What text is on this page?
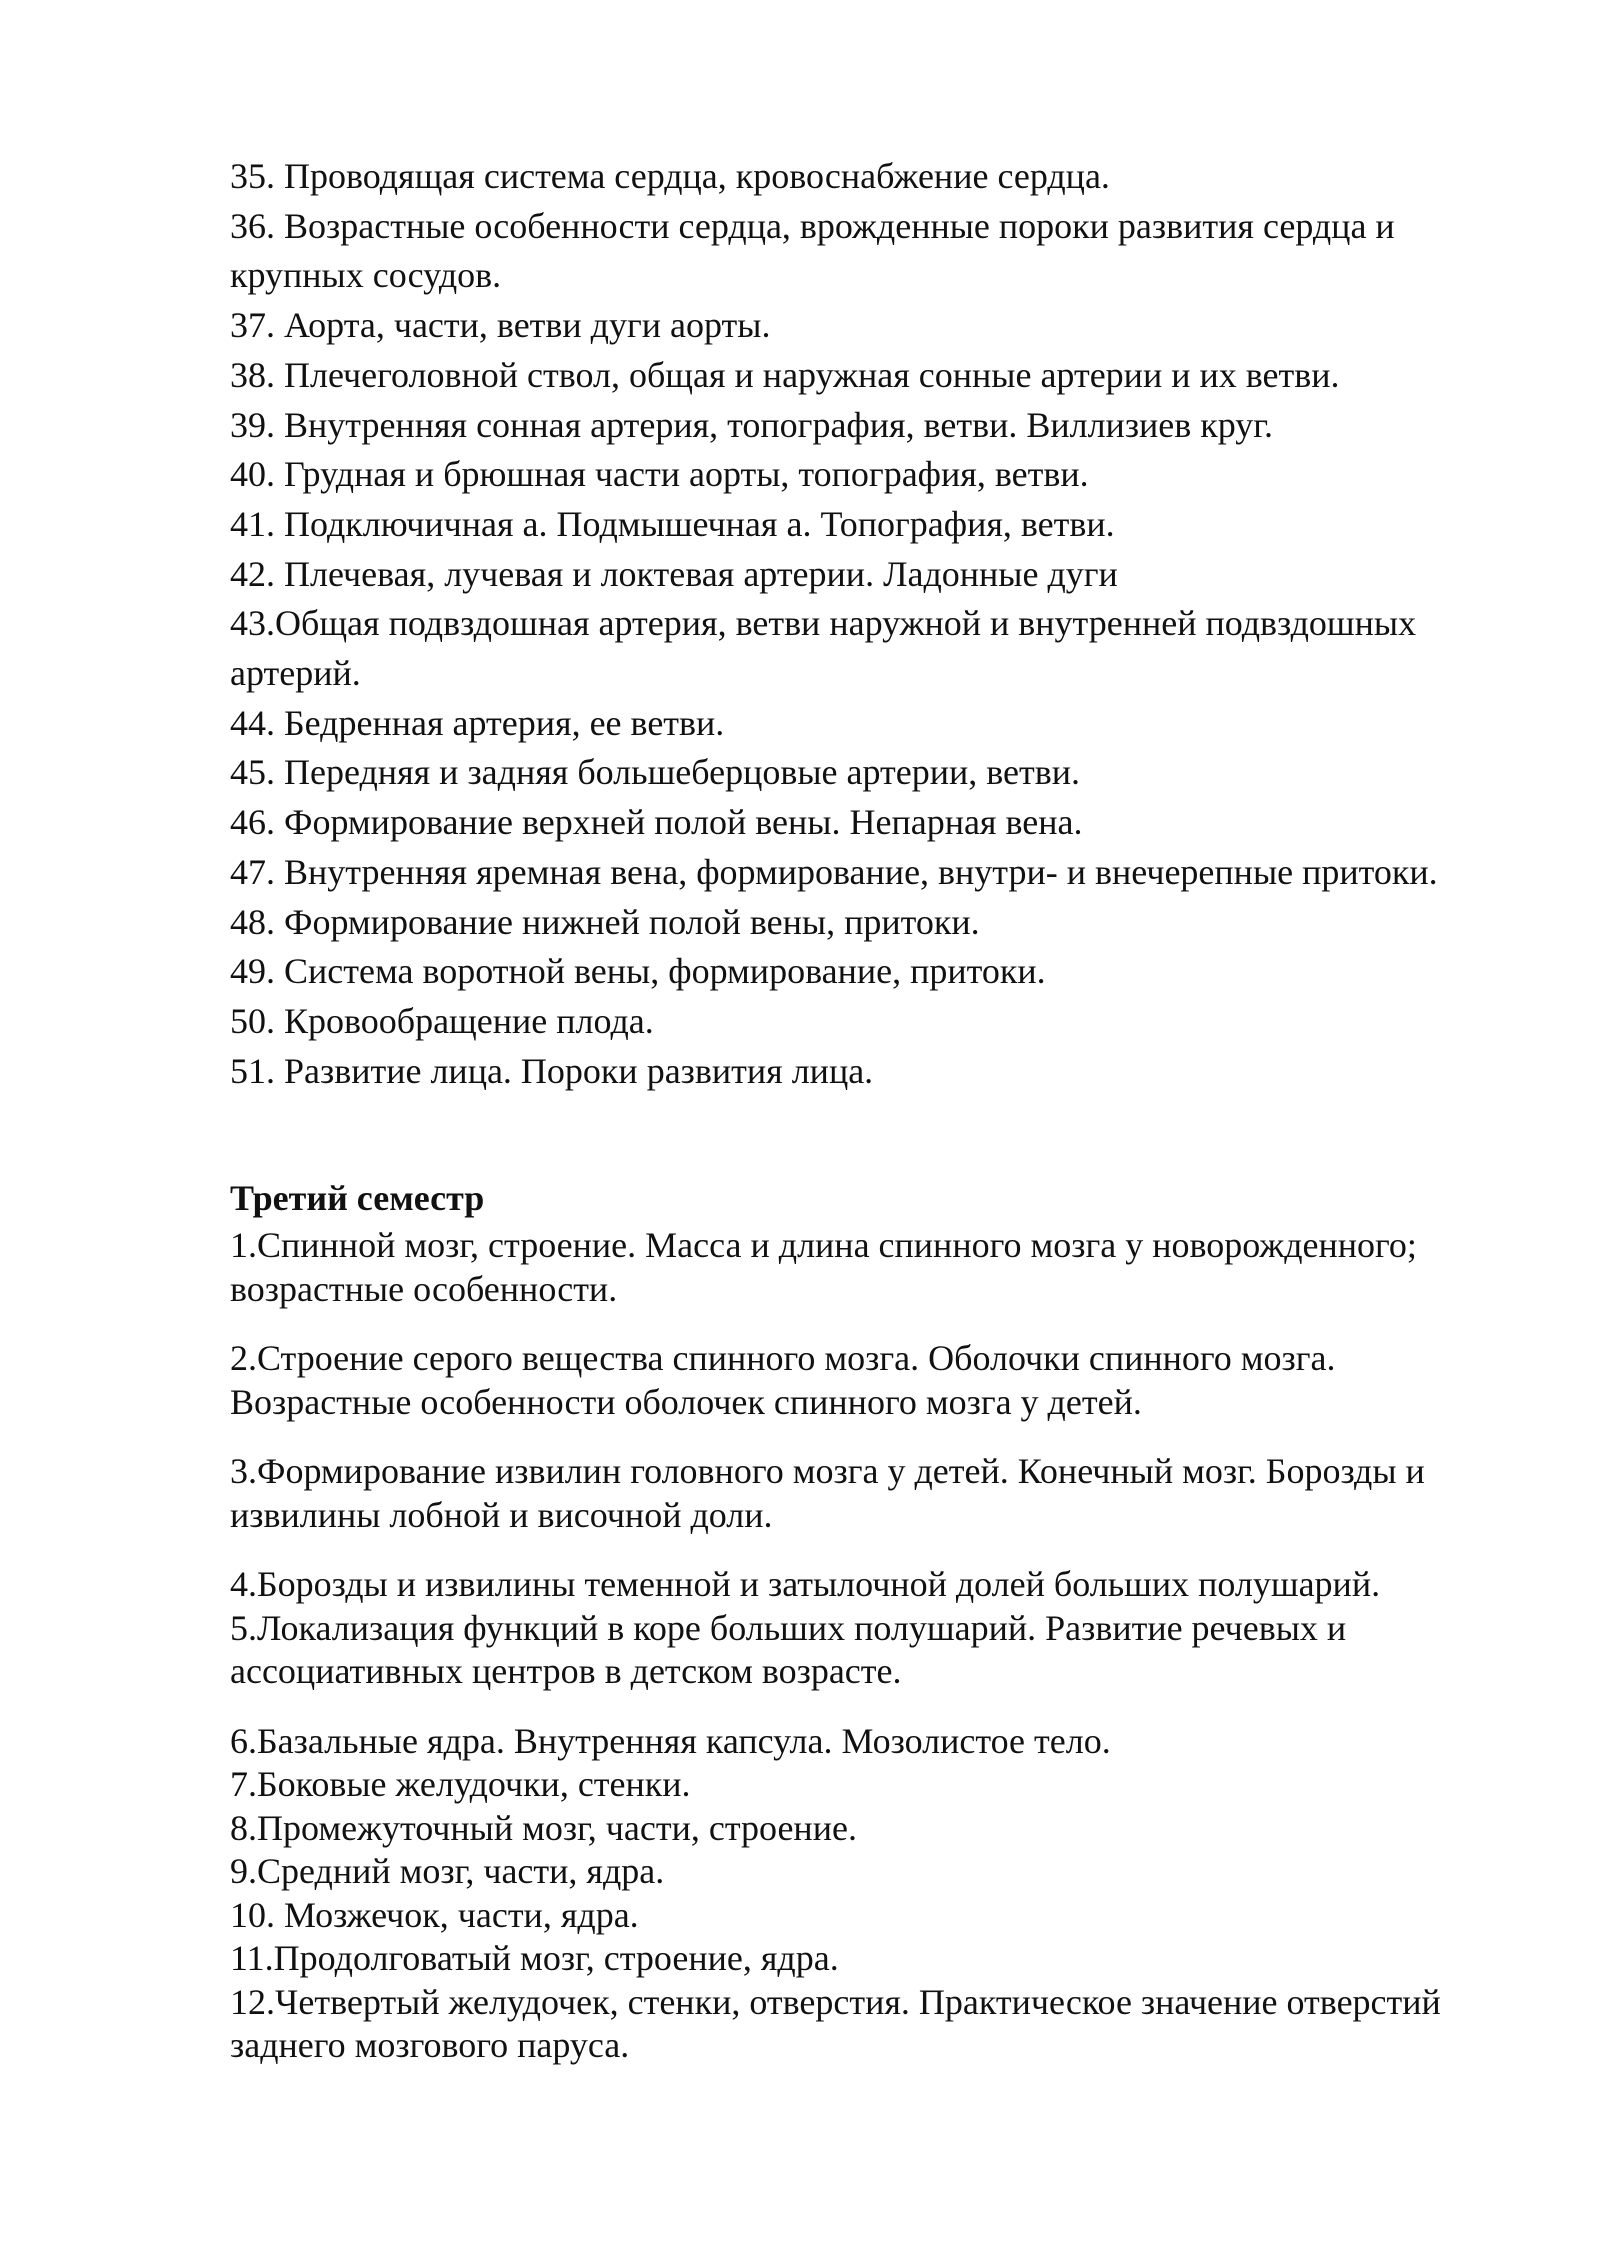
35. Проводящая система сердца, кровоснабжение сердца.

36. Возрастные особенности сердца, врожденные пороки развития сердца и крупных сосудов.

37. Аорта, части, ветви дуги аорты.

38. Плечеголовной ствол, общая и наружная сонные артерии и их ветви.

39. Внутренняя сонная артерия, топография, ветви. Виллизиев круг.

40. Грудная и брюшная части аорты, топография, ветви.

41. Подключичная а. Подмышечная а. Топография, ветви.

42. Плечевая, лучевая и локтевая артерии. Ладонные дуги

43.Общая подвздошная артерия, ветви наружной и внутренней подвздошных артерий.

44. Бедренная артерия, ее ветви.

45. Передняя и задняя большеберцовые артерии, ветви.

46. Формирование верхней полой вены. Непарная вена.

47. Внутренняя яремная вена, формирование, внутри- и внечерепные притоки.

48. Формирование нижней полой вены, притоки.

49. Система воротной вены, формирование, притоки.

50. Кровообращение плода.

51. Развитие лица. Пороки развития лица.

Третий семестр

1.Спинной мозг, строение. Масса и длина спинного мозга у новорожденного; возрастные особенности.

2.Строение серого вещества спинного мозга. Оболочки спинного мозга. Возрастные особенности оболочек спинного мозга у детей.

3.Формирование извилин головного мозга у детей. Конечный мозг. Борозды и извилины лобной и височной доли.

4.Борозды и извилины теменной и затылочной долей больших полушарий.

5.Локализация функций в коре больших полушарий. Развитие речевых и ассоциативных центров в детском возрасте.

6.Базальные ядра. Внутренняя капсула. Мозолистое тело.

7.Боковые желудочки, стенки.

8.Промежуточный мозг, части, строение.

9.Средний мозг, части, ядра.

10. Мозжечок, части, ядра.

11.Продолговатый мозг, строение, ядра.

12.Четвертый желудочек, стенки, отверстия. Практическое значение отверстий заднего мозгового паруса.
